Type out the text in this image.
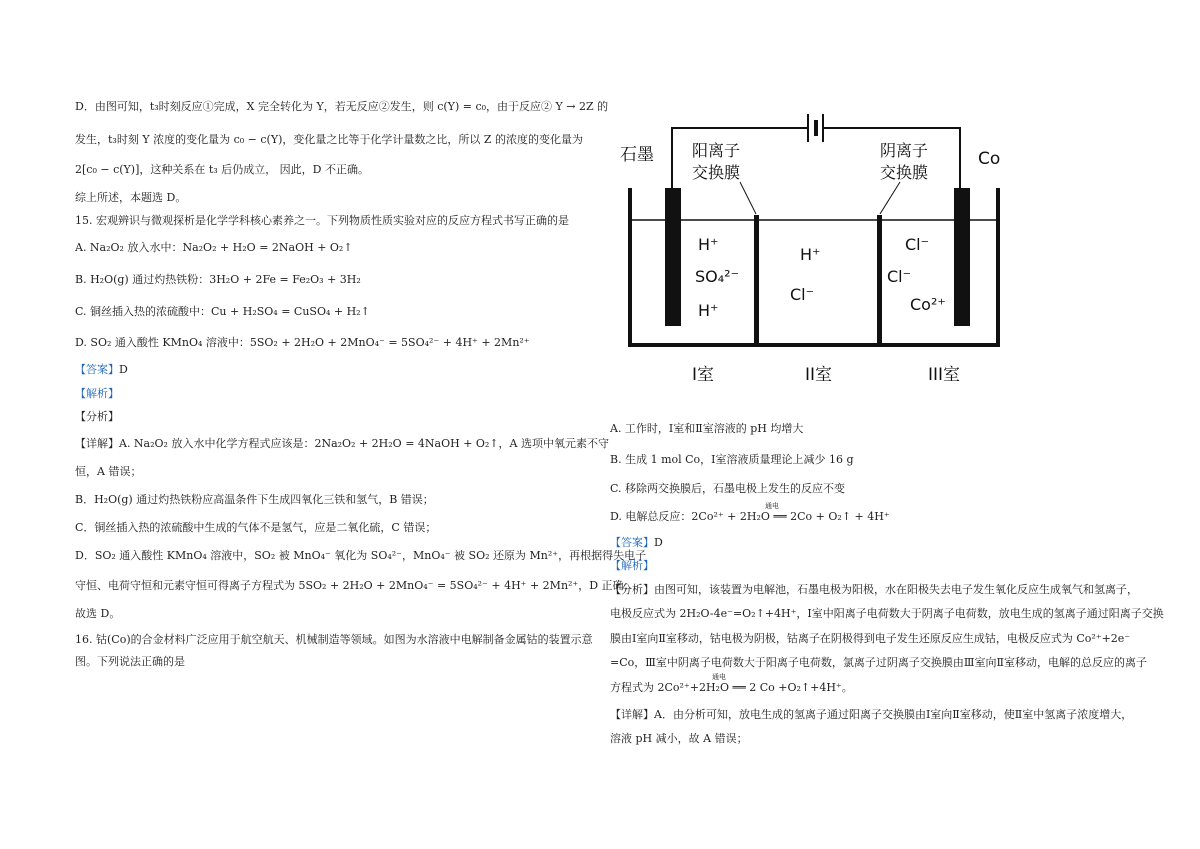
D．由图可知，t₃时刻反应①完成，X 完全转化为 Y，若无反应②发生，则 c(Y) = c₀，由于反应② Y → 2Z 的
发生，t₃时刻 Y 浓度的变化量为 c₀ − c(Y)，变化量之比等于化学计量数之比，所以 Z 的浓度的变化量为
2[c₀ − c(Y)]，这种关系在 t₃ 后仍成立， 因此，D 不正确。
综上所述，本题选 D。
15. 宏观辨识与微观探析是化学学科核心素养之一。下列物质性质实验对应的反应方程式书写正确的是
A. Na₂O₂ 放入水中：Na₂O₂ + H₂O = 2NaOH + O₂↑
B. H₂O(g) 通过灼热铁粉：3H₂O + 2Fe = Fe₂O₃ + 3H₂
C. 铜丝插入热的浓硫酸中：Cu + H₂SO₄ = CuSO₄ + H₂↑
D. SO₂ 通入酸性 KMnO₄ 溶液中：5SO₂ + 2H₂O + 2MnO₄⁻ = 5SO₄²⁻ + 4H⁺ + 2Mn²⁺
【答案】D
【解析】
【分析】
【详解】A. Na₂O₂ 放入水中化学方程式应该是：2Na₂O₂ + 2H₂O = 4NaOH + O₂↑，A 选项中氧元素不守
恒，A 错误；
B．H₂O(g) 通过灼热铁粉应高温条件下生成四氧化三铁和氢气，B 错误；
C．铜丝插入热的浓硫酸中生成的气体不是氢气，应是二氧化硫，C 错误；
D．SO₂ 通入酸性 KMnO₄ 溶液中，SO₂ 被 MnO₄⁻ 氧化为 SO₄²⁻，MnO₄⁻ 被 SO₂ 还原为 Mn²⁺，再根据得失电子
守恒、电荷守恒和元素守恒可得离子方程式为 5SO₂ + 2H₂O + 2MnO₄⁻ = 5SO₄²⁻ + 4H⁺ + 2Mn²⁺，D 正确；
故选 D。
16. 钴(Co)的合金材料广泛应用于航空航天、机械制造等领域。如图为水溶液中电解制备金属钴的装置示意
图。下列说法正确的是
石墨 阳离子
交换膜
阴离子
交换膜
Co
H⁺
SO₄²⁻
H⁺
H⁺
Cl⁻
Cl⁻
Cl⁻
Co²⁺
I室	II室	III室
A. 工作时，Ⅰ室和Ⅱ室溶液的 pH 均增大
B. 生成 1 mol Co，Ⅰ室溶液质量理论上减少 16 g
C. 移除两交换膜后，石墨电极上发生的反应不变
D. 电解总反应：2Co²⁺ + 2H₂O ══ 2Co + O₂↑ + 4H⁺
通电
【答案】D
【解析】
【分析】由图可知，该装置为电解池，石墨电极为阳极，水在阳极失去电子发生氧化反应生成氧气和氢离子，
电极反应式为 2H₂O-4e⁻=O₂↑+4H⁺，Ⅰ室中阳离子电荷数大于阴离子电荷数，放电生成的氢离子通过阳离子交换
膜由Ⅰ室向Ⅱ室移动，钴电极为阴极，钴离子在阴极得到电子发生还原反应生成钴，电极反应式为 Co²⁺+2e⁻
=Co，Ⅲ室中阴离子电荷数大于阳离子电荷数，氯离子过阴离子交换膜由Ⅲ室向Ⅱ室移动，电解的总反应的离子
方程式为 2Co²⁺+2H₂O ══ 2 Co +O₂↑+4H⁺。
通电
【详解】A．由分析可知，放电生成的氢离子通过阳离子交换膜由Ⅰ室向Ⅱ室移动，使Ⅱ室中氢离子浓度增大，
溶液 pH 减小，故 A 错误；
